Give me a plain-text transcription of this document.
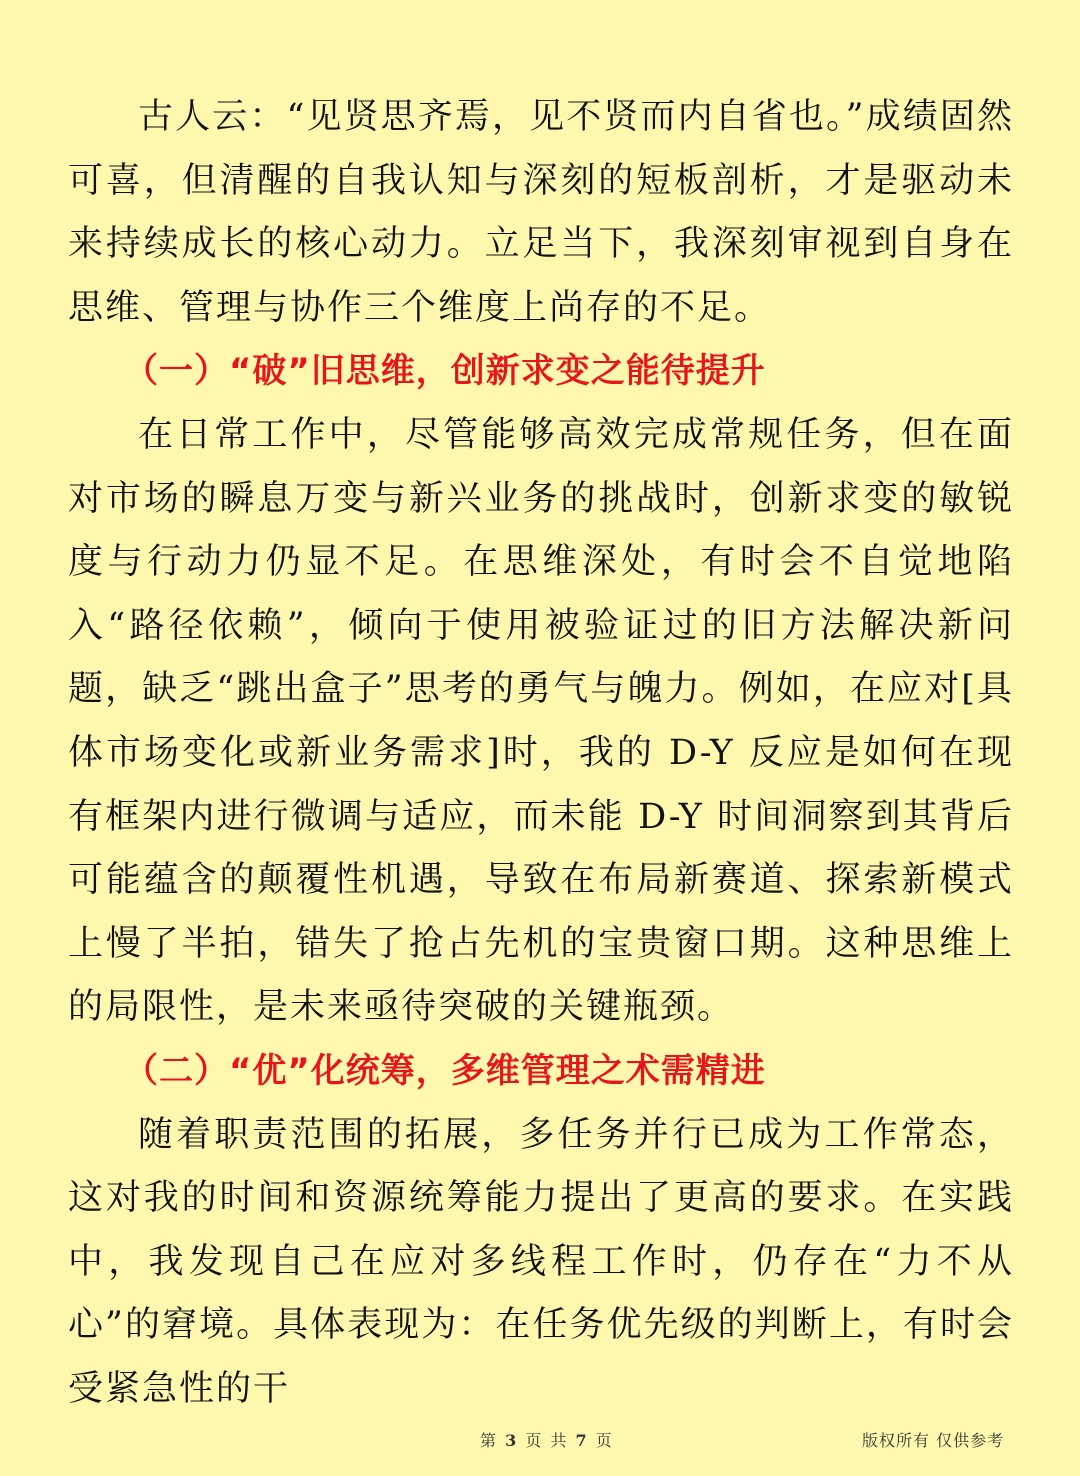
古人云：“见贤思齐焉，见不贤而内自省也。”成绩固然可喜，但清醒的自我认知与深刻的短板剖析，才是驱动未来持续成长的核心动力。立足当下，我深刻审视到自身在思维、管理与协作三个维度上尚存的不足。

（一）“破”旧思维，创新求变之能待提升

在日常工作中，尽管能够高效完成常规任务，但在面对市场的瞬息万变与新兴业务的挑战时，创新求变的敏锐度与行动力仍显不足。在思维深处，有时会不自觉地陷入“路径依赖”，倾向于使用被验证过的旧方法解决新问题，缺乏“跳出盒子”思考的勇气与魄力。例如，在应对[具体市场变化或新业务需求]时，我的 D-Y 反应是如何在现有框架内进行微调与适应，而未能 D-Y 时间洞察到其背后可能蕴含的颠覆性机遇，导致在布局新赛道、探索新模式上慢了半拍，错失了抢占先机的宝贵窗口期。这种思维上的局限性，是未来亟待突破的关键瓶颈。

（二）“优”化统筹，多维管理之术需精进

随着职责范围的拓展，多任务并行已成为工作常态，这对我的时间和资源统筹能力提出了更高的要求。在实践中，我发现自己在应对多线程工作时，仍存在“力不从心”的窘境。具体表现为：在任务优先级的判断上，有时会受紧急性的干

第 3 页 共 7 页	版权所有 仅供参考
